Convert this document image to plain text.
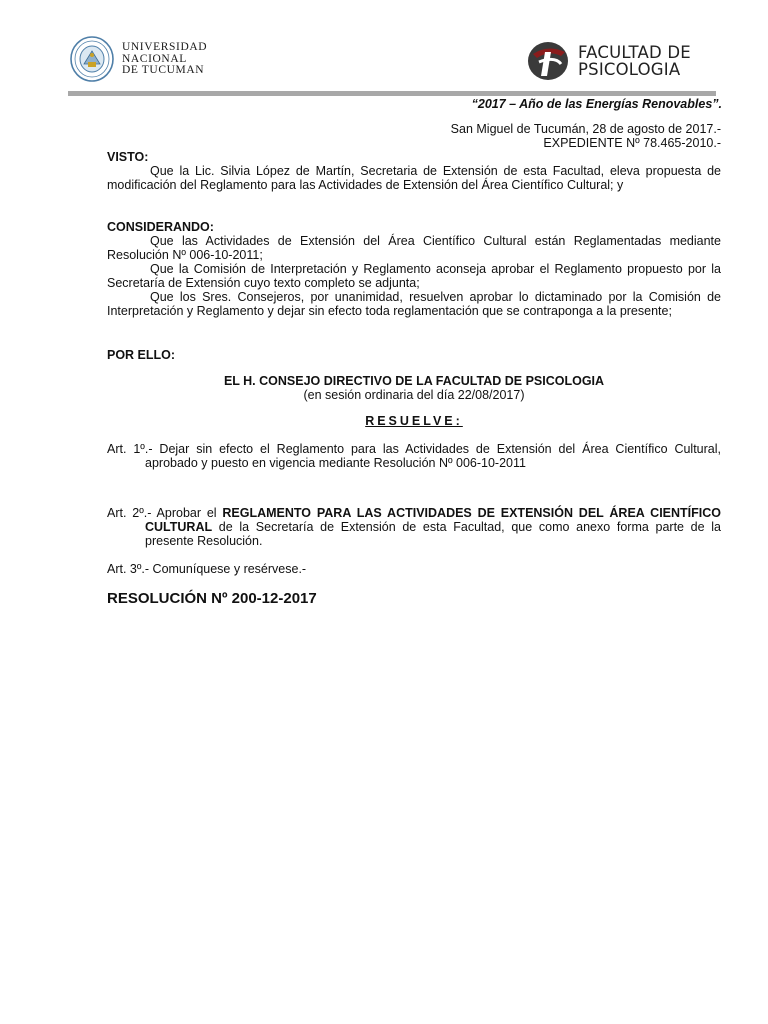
UNIVERSIDAD
NACIONAL
DE TUCUMAN
FACULTAD DE
PSICOLOGIA
“2017 – Año de las Energías Renovables”.
San Miguel de Tucumán, 28 de agosto de 2017.-
EXPEDIENTE Nº 78.465-2010.-
VISTO:
Que la Lic. Silvia López de Martín, Secretaria de Extensión de esta Facultad, eleva propuesta de modificación del Reglamento para las Actividades de Extensión del Área Científico Cultural; y
CONSIDERANDO:
Que las Actividades de Extensión del Área Científico Cultural están Reglamentadas mediante Resolución Nº 006-10-2011;
Que la Comisión de Interpretación y Reglamento aconseja aprobar el Reglamento propuesto por la Secretaría de Extensión cuyo texto completo se adjunta;
Que los Sres. Consejeros, por unanimidad, resuelven aprobar lo dictaminado por la Comisión de Interpretación y Reglamento y dejar sin efecto toda reglamentación que se contraponga a la presente;
POR ELLO:
EL H. CONSEJO DIRECTIVO DE LA FACULTAD DE PSICOLOGIA
(en sesión ordinaria del día 22/08/2017)
RESUELVE:
Art. 1º.- Dejar sin efecto el Reglamento para las Actividades de Extensión del Área Científico Cultural, aprobado y puesto en vigencia mediante Resolución Nº 006-10-2011
Art. 2º.- Aprobar el REGLAMENTO PARA LAS ACTIVIDADES DE EXTENSIÓN DEL ÁREA CIENTÍFICO CULTURAL de la Secretaría de Extensión de esta Facultad, que como anexo forma parte de la presente Resolución.
Art. 3º.- Comuníquese y resérvese.-
RESOLUCIÓN Nº 200-12-2017
